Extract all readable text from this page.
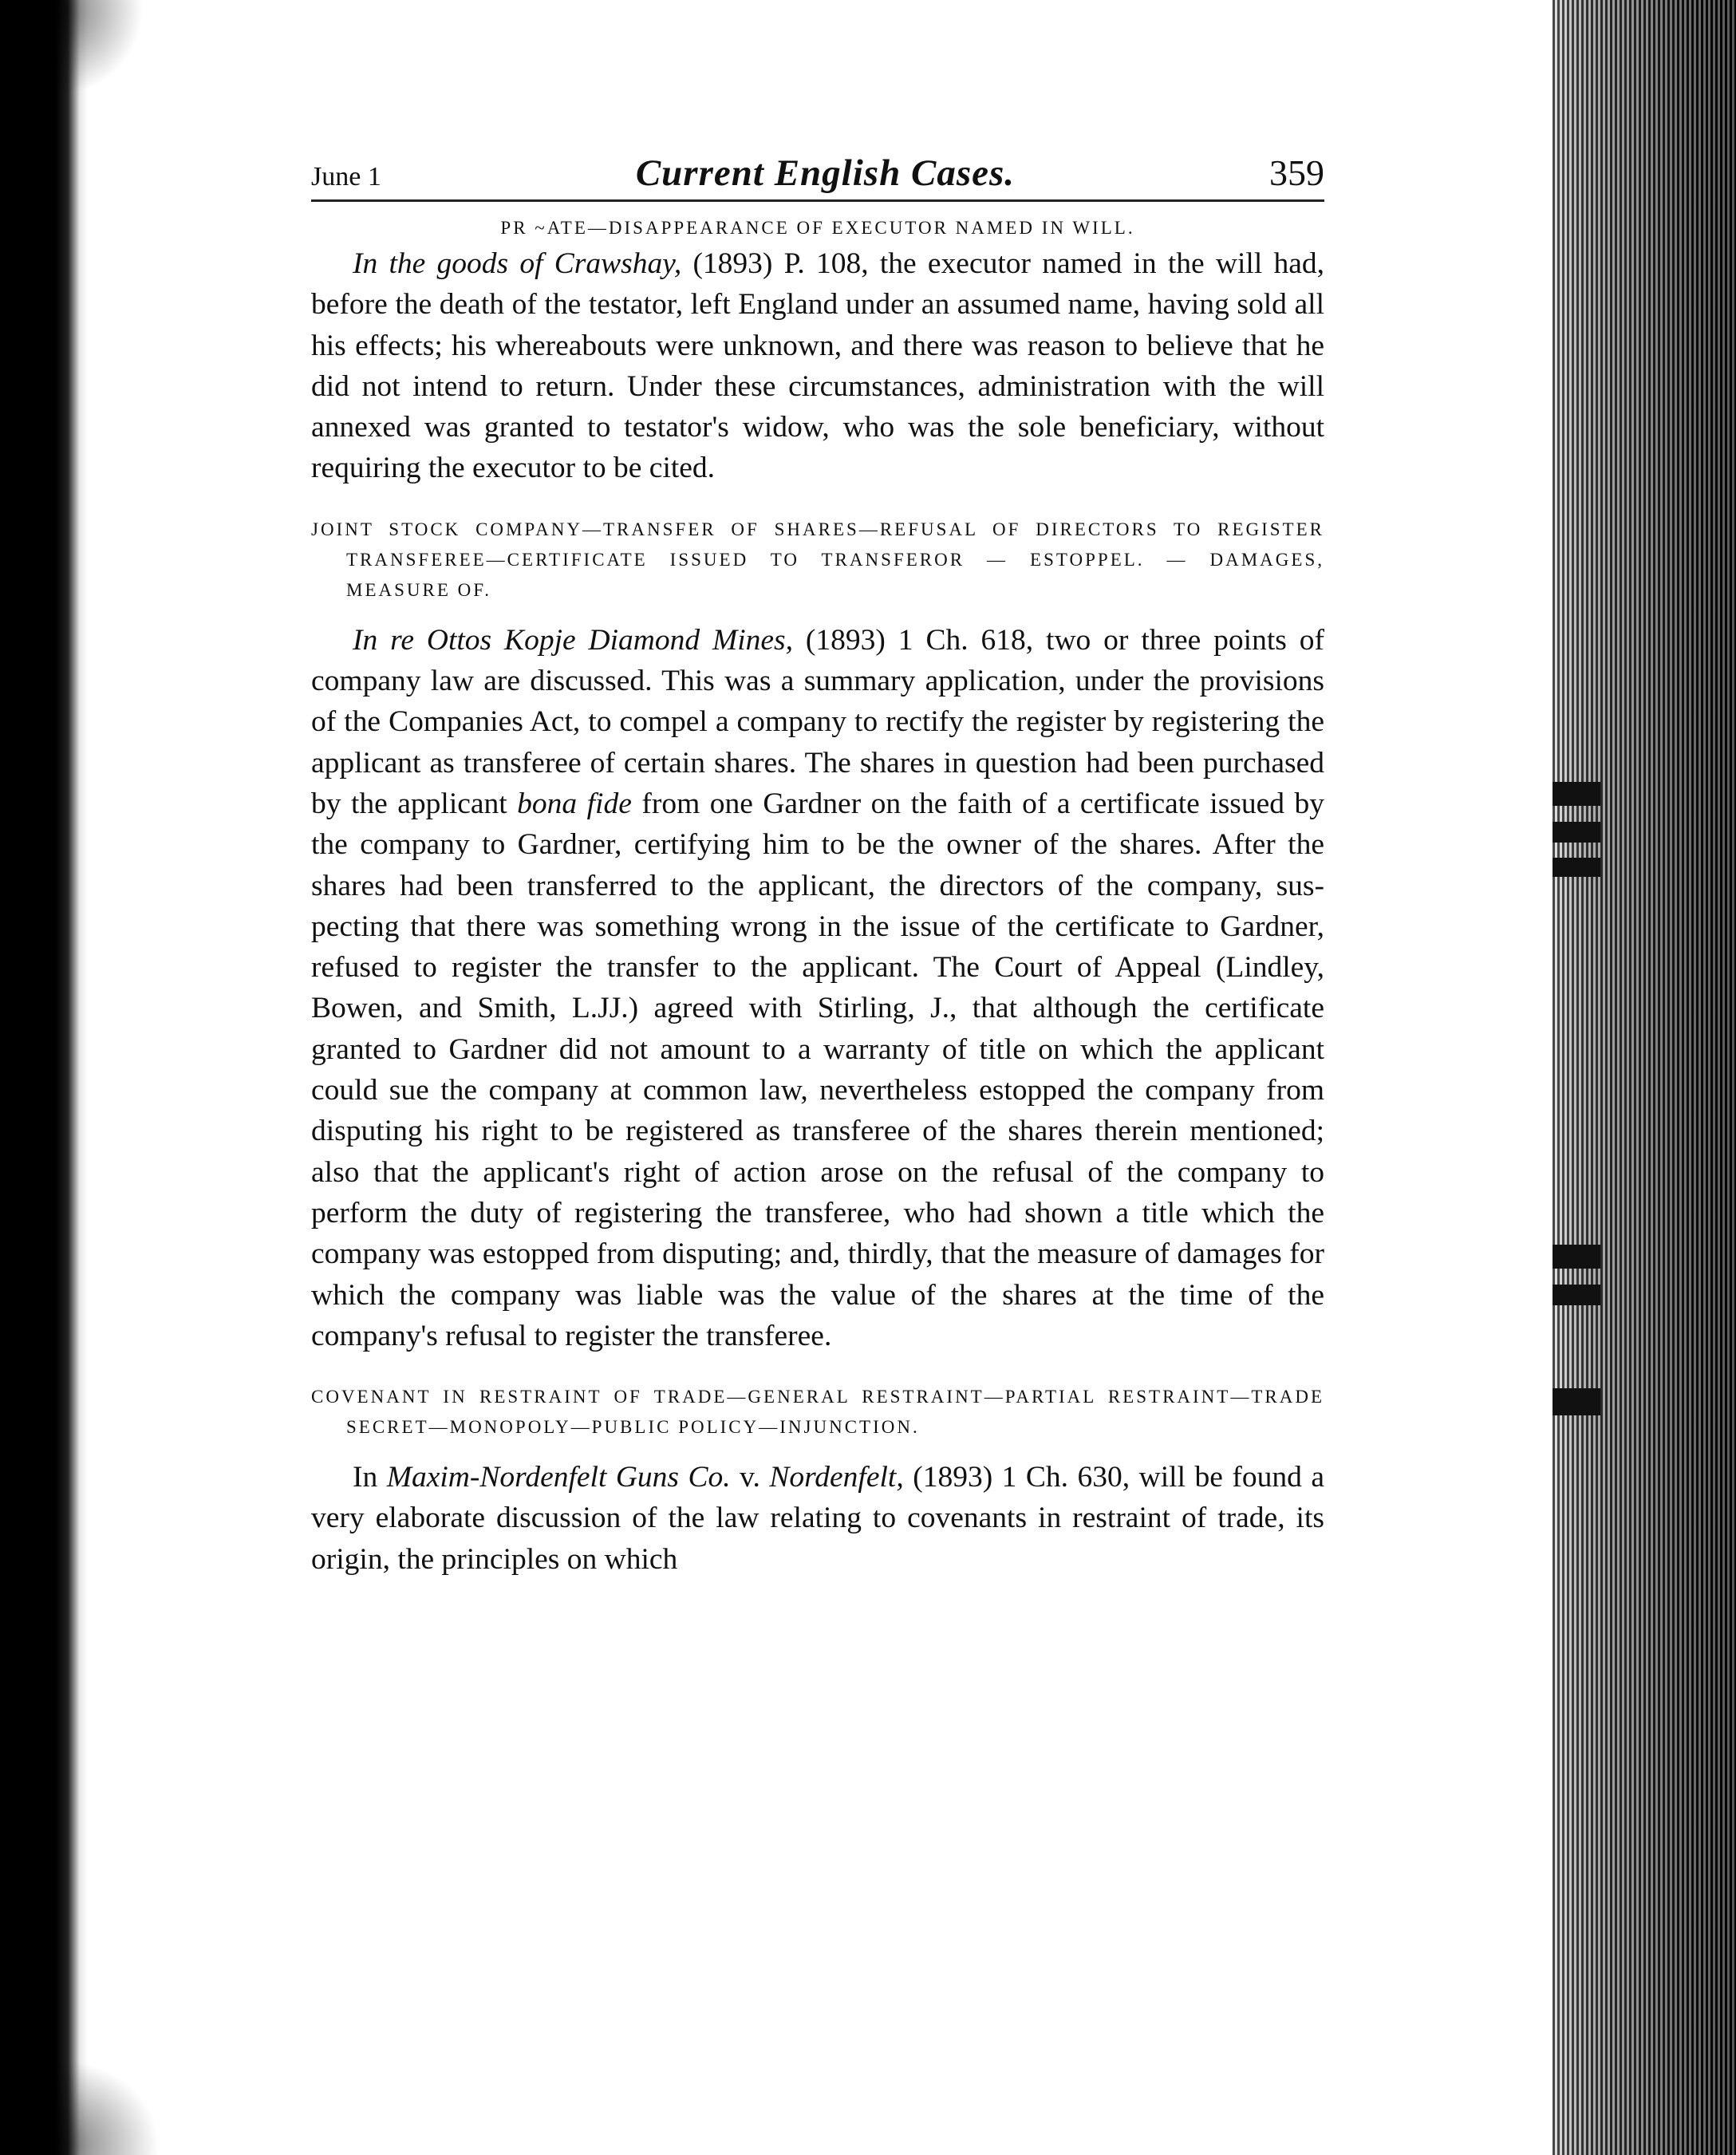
June 1	Current English Cases.	359
PR ~ATE—DISAPPEARANCE OF EXECUTOR NAMED IN WILL.

In the goods of Crawshay, (1893) P. 108, the executor named in the will had, before the death of the testator, left England under an assumed name, having sold all his effects; his whereabouts were unknown, and there was reason to believe that he did not intend to return. Under these circumstances, administration with the will annexed was granted to testator's widow, who was the sole beneficiary, without requiring the executor to be cited.

JOINT STOCK COMPANY—TRANSFER OF SHARES—REFUSAL OF DIRECTORS TO REGISTER TRANSFEREE—CERTIFICATE ISSUED TO TRANSFEROR — ESTOPPEL. — DAMAGES, MEASURE OF.

In re Ottos Kopje Diamond Mines, (1893) 1 Ch. 618, two or three points of company law are discussed. This was a summary application, under the provisions of the Companies Act, to compel a company to rectify the register by registering the applicant as transferee of certain shares. The shares in question had been purchased by the applicant bona fide from one Gardner on the faith of a certificate issued by the company to Gardner, certifying him to be the owner of the shares. After the shares had been transferred to the applicant, the directors of the company, sus-pecting that there was something wrong in the issue of the certificate to Gardner, refused to register the transfer to the applicant. The Court of Appeal (Lindley, Bowen, and Smith, L.JJ.) agreed with Stirling, J., that although the certificate granted to Gardner did not amount to a warranty of title on which the applicant could sue the company at common law, nevertheless estopped the company from disputing his right to be registered as transferee of the shares therein mentioned; also that the applicant's right of action arose on the refusal of the company to perform the duty of registering the transferee, who had shown a title which the company was estopped from disputing; and, thirdly, that the measure of damages for which the company was liable was the value of the shares at the time of the company's refusal to register the transferee.

COVENANT IN RESTRAINT OF TRADE—GENERAL RESTRAINT—PARTIAL RESTRAINT—TRADE SECRET—MONOPOLY—PUBLIC POLICY—INJUNCTION.

In Maxim-Nordenfelt Guns Co. v. Nordenfelt, (1893) 1 Ch. 630, will be found a very elaborate discussion of the law relating to covenants in restraint of trade, its origin, the principles on which
